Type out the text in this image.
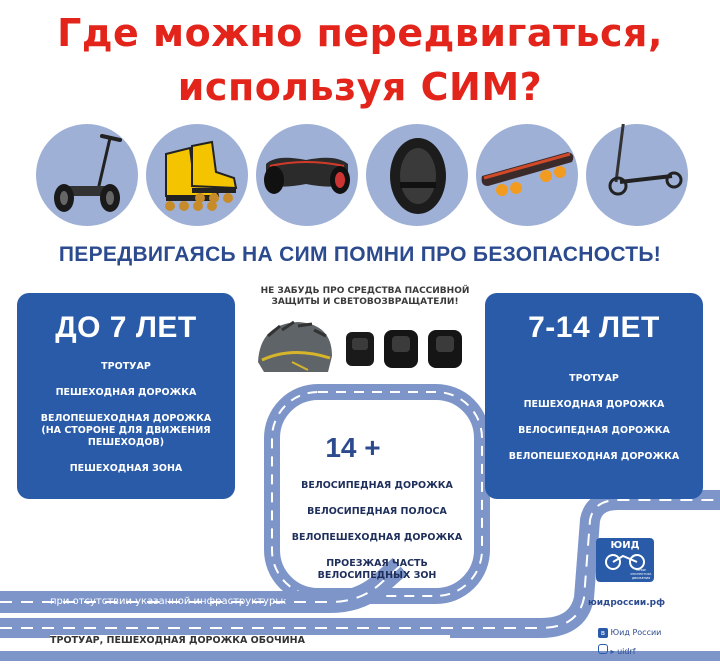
Где можно передвигаться,
используя СИМ?
ПЕРЕДВИГАЯСЬ НА СИМ ПОМНИ ПРО БЕЗОПАСНОСТЬ!
НЕ ЗАБУДЬ ПРО СРЕДСТВА ПАССИВНОЙ
ЗАЩИТЫ И СВЕТОВОЗВРАЩАТЕЛИ!
ДО 7 ЛЕТ
ТРОТУАР
ПЕШЕХОДНАЯ ДОРОЖКА
ВЕЛОПЕШЕХОДНАЯ ДОРОЖКА
(НА СТОРОНЕ ДЛЯ ДВИЖЕНИЯ
ПЕШЕХОДОВ)
ПЕШЕХОДНАЯ ЗОНА
7-14 ЛЕТ
ТРОТУАР
ПЕШЕХОДНАЯ ДОРОЖКА
ВЕЛОСИПЕДНАЯ ДОРОЖКА
ВЕЛОПЕШЕХОДНАЯ ДОРОЖКА
14 +
ВЕЛОСИПЕДНАЯ ДОРОЖКА
ВЕЛОСИПЕДНАЯ ПОЛОСА
ВЕЛОПЕШЕХОДНАЯ ДОРОЖКА
ПРОЕЗЖАЯ ЧАСТЬ
ВЕЛОСИПЕДНЫХ ЗОН
при отсутствии указанной инфраструктуры:
ТРОТУАР, ПЕШЕХОДНАЯ ДОРОЖКА ОБОЧИНА
ЮИД
ЮНЫЕ ИНСПЕКТОРА ДВИЖЕНИЯ
юидроссии.рф
в Юид России
▸ uidrf
